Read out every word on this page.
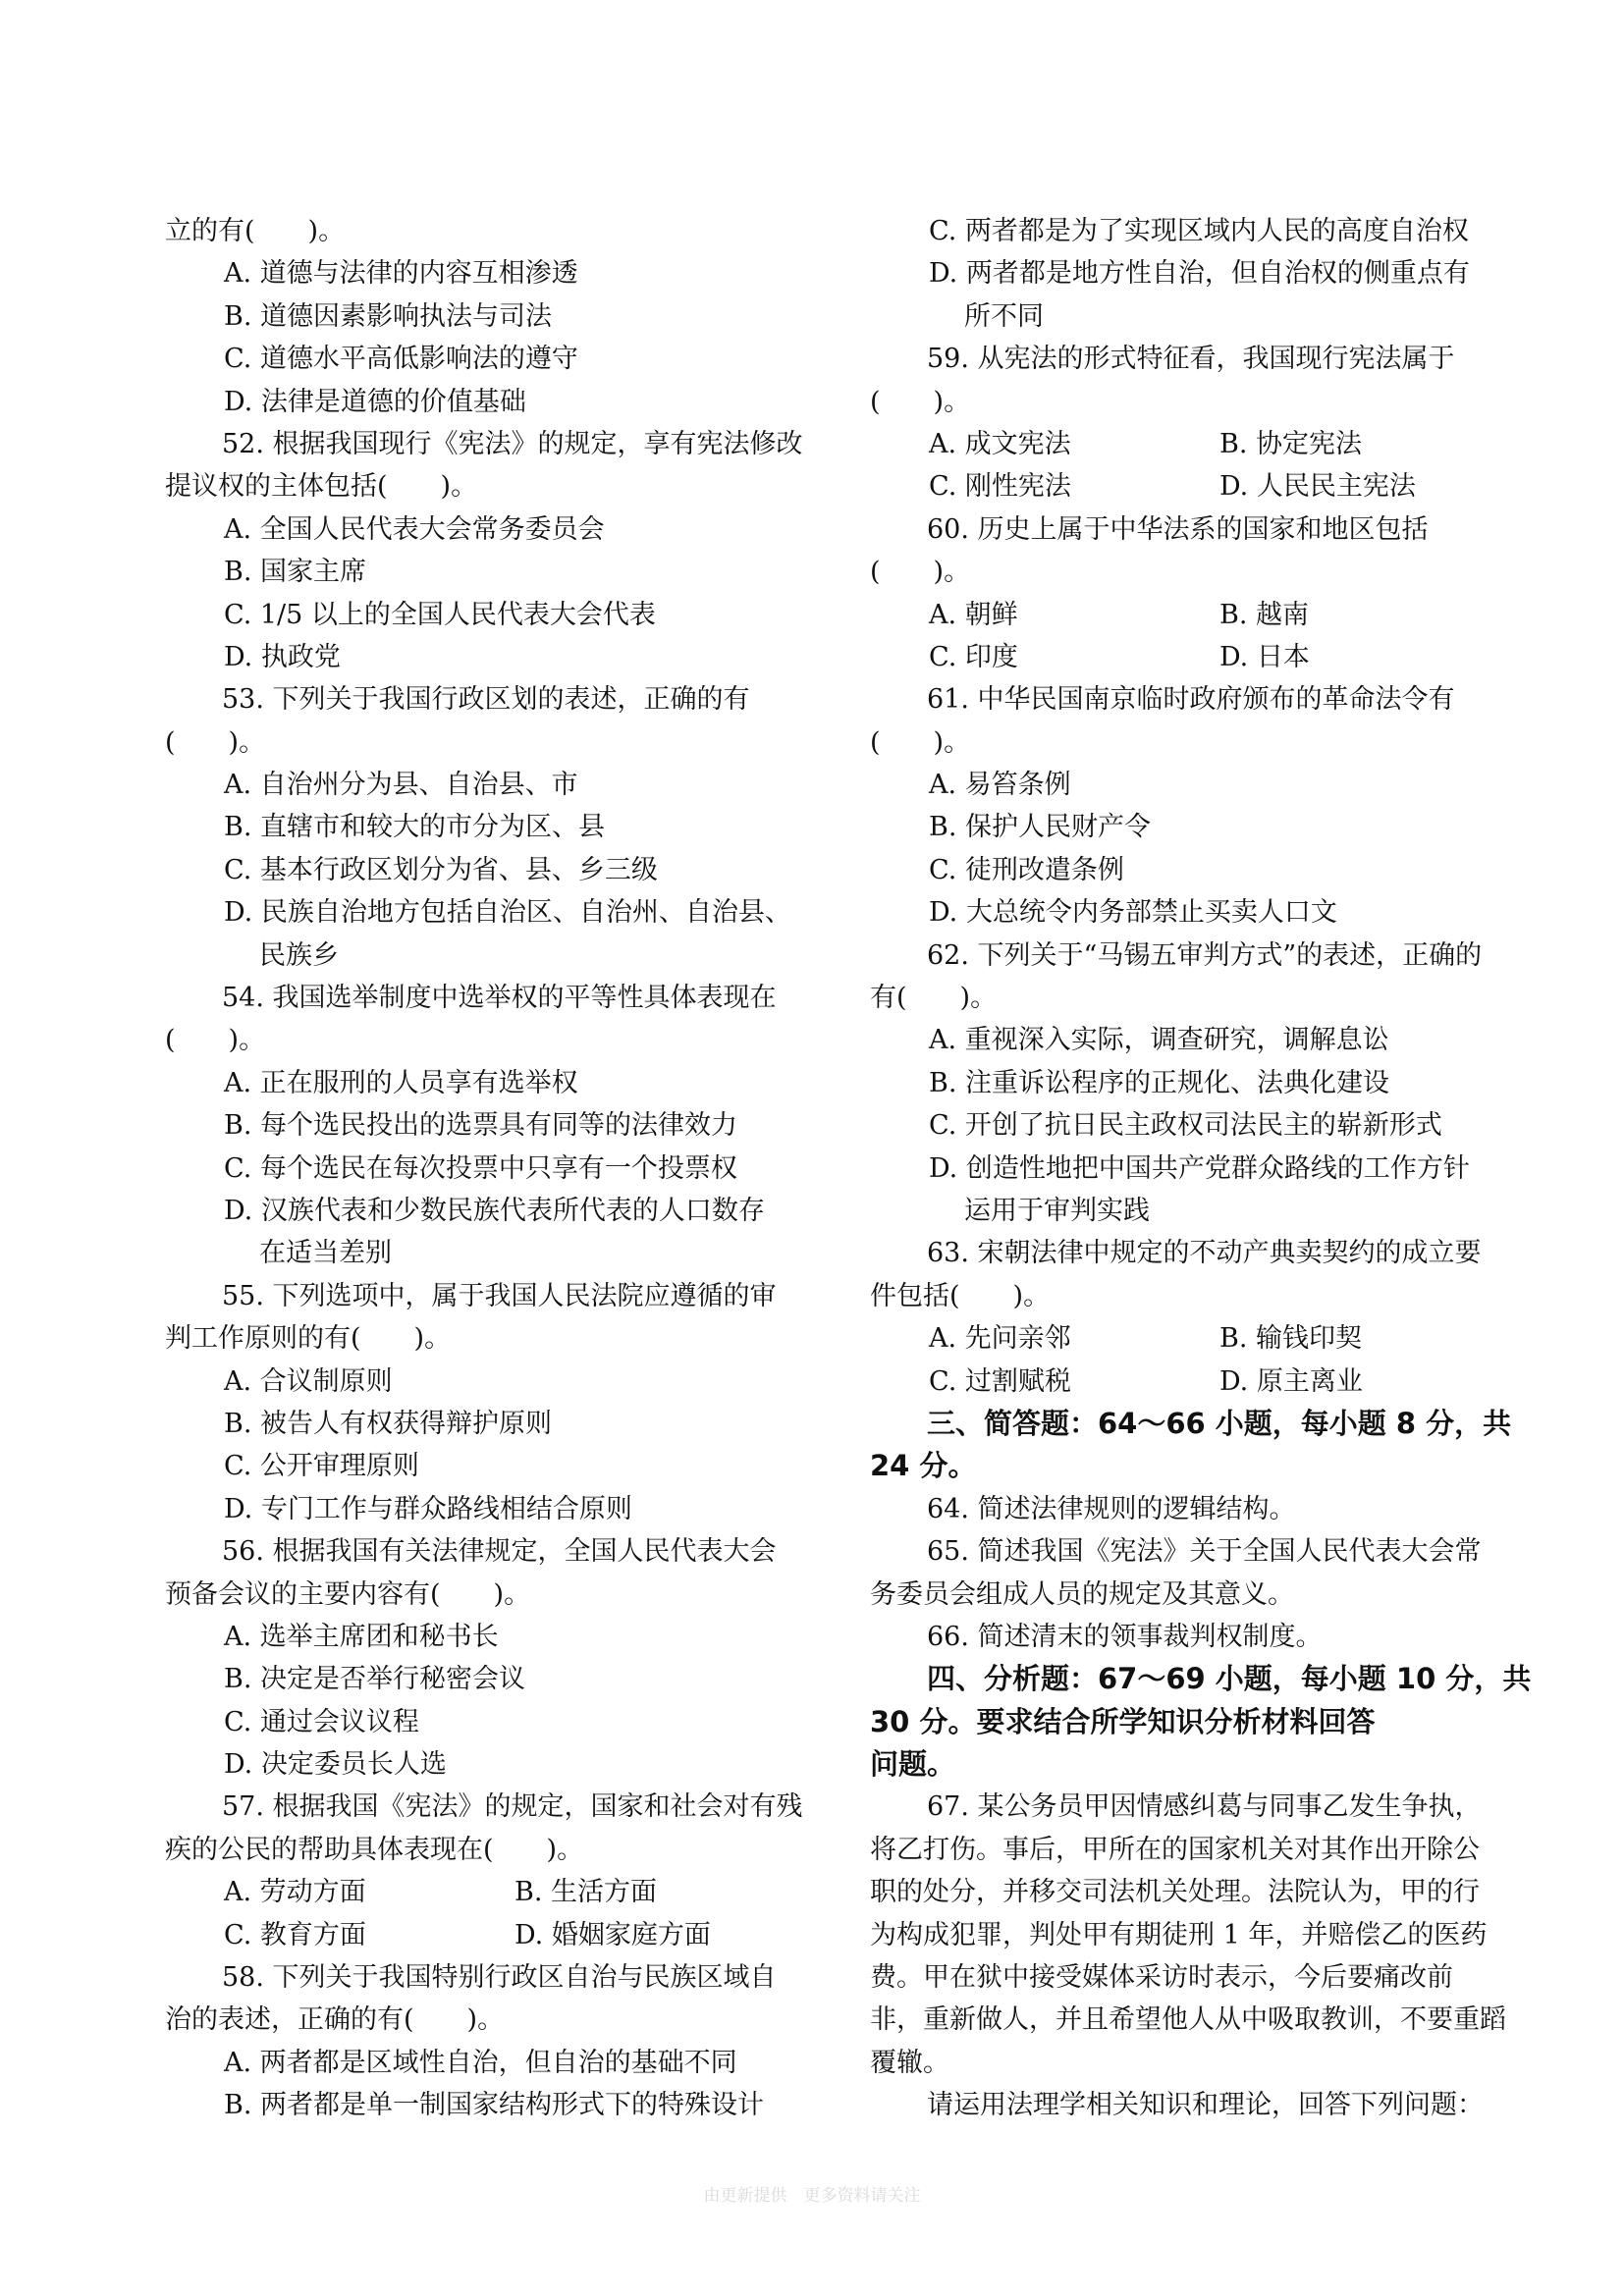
立的有(　　)。
A. 道德与法律的内容互相渗透
B. 道德因素影响执法与司法
C. 道德水平高低影响法的遵守
D. 法律是道德的价值基础
52. 根据我国现行《宪法》的规定，享有宪法修改
提议权的主体包括(　　)。
A. 全国人民代表大会常务委员会
B. 国家主席
C. 1/5 以上的全国人民代表大会代表
D. 执政党
53. 下列关于我国行政区划的表述，正确的有
(　　)。
A. 自治州分为县、自治县、市
B. 直辖市和较大的市分为区、县
C. 基本行政区划分为省、县、乡三级
D. 民族自治地方包括自治区、自治州、自治县、
民族乡
54. 我国选举制度中选举权的平等性具体表现在
(　　)。
A. 正在服刑的人员享有选举权
B. 每个选民投出的选票具有同等的法律效力
C. 每个选民在每次投票中只享有一个投票权
D. 汉族代表和少数民族代表所代表的人口数存
在适当差别
55. 下列选项中，属于我国人民法院应遵循的审
判工作原则的有(　　)。
A. 合议制原则
B. 被告人有权获得辩护原则
C. 公开审理原则
D. 专门工作与群众路线相结合原则
56. 根据我国有关法律规定，全国人民代表大会
预备会议的主要内容有(　　)。
A. 选举主席团和秘书长
B. 决定是否举行秘密会议
C. 通过会议议程
D. 决定委员长人选
57. 根据我国《宪法》的规定，国家和社会对有残
疾的公民的帮助具体表现在(　　)。
A. 劳动方面	B. 生活方面
C. 教育方面	D. 婚姻家庭方面
58. 下列关于我国特别行政区自治与民族区域自
治的表述，正确的有(　　)。
A. 两者都是区域性自治，但自治的基础不同
B. 两者都是单一制国家结构形式下的特殊设计
C. 两者都是为了实现区域内人民的高度自治权
D. 两者都是地方性自治，但自治权的侧重点有
所不同
59. 从宪法的形式特征看，我国现行宪法属于
(　　)。
A. 成文宪法	B. 协定宪法
C. 刚性宪法	D. 人民民主宪法
60. 历史上属于中华法系的国家和地区包括
(　　)。
A. 朝鲜	B. 越南
C. 印度	D. 日本
61. 中华民国南京临时政府颁布的革命法令有
(　　)。
A. 易笞条例
B. 保护人民财产令
C. 徒刑改遣条例
D. 大总统令内务部禁止买卖人口文
62. 下列关于“马锡五审判方式”的表述，正确的
有(　　)。
A. 重视深入实际，调查研究，调解息讼
B. 注重诉讼程序的正规化、法典化建设
C. 开创了抗日民主政权司法民主的崭新形式
D. 创造性地把中国共产党群众路线的工作方针
运用于审判实践
63. 宋朝法律中规定的不动产典卖契约的成立要
件包括(　　)。
A. 先问亲邻	B. 输钱印契
C. 过割赋税	D. 原主离业
三、简答题：64～66 小题，每小题 8 分，共
24 分。
64. 简述法律规则的逻辑结构。
65. 简述我国《宪法》关于全国人民代表大会常
务委员会组成人员的规定及其意义。
66. 简述清末的领事裁判权制度。
四、分析题：67～69 小题，每小题 10 分，共
30 分。要求结合所学知识分析材料回答
问题。
67. 某公务员甲因情感纠葛与同事乙发生争执，
将乙打伤。事后，甲所在的国家机关对其作出开除公
职的处分，并移交司法机关处理。法院认为，甲的行
为构成犯罪，判处甲有期徒刑 1 年，并赔偿乙的医药
费。甲在狱中接受媒体采访时表示，今后要痛改前
非，重新做人，并且希望他人从中吸取教训，不要重蹈
覆辙。
请运用法理学相关知识和理论，回答下列问题：
由更新提供　更多资料请关注
